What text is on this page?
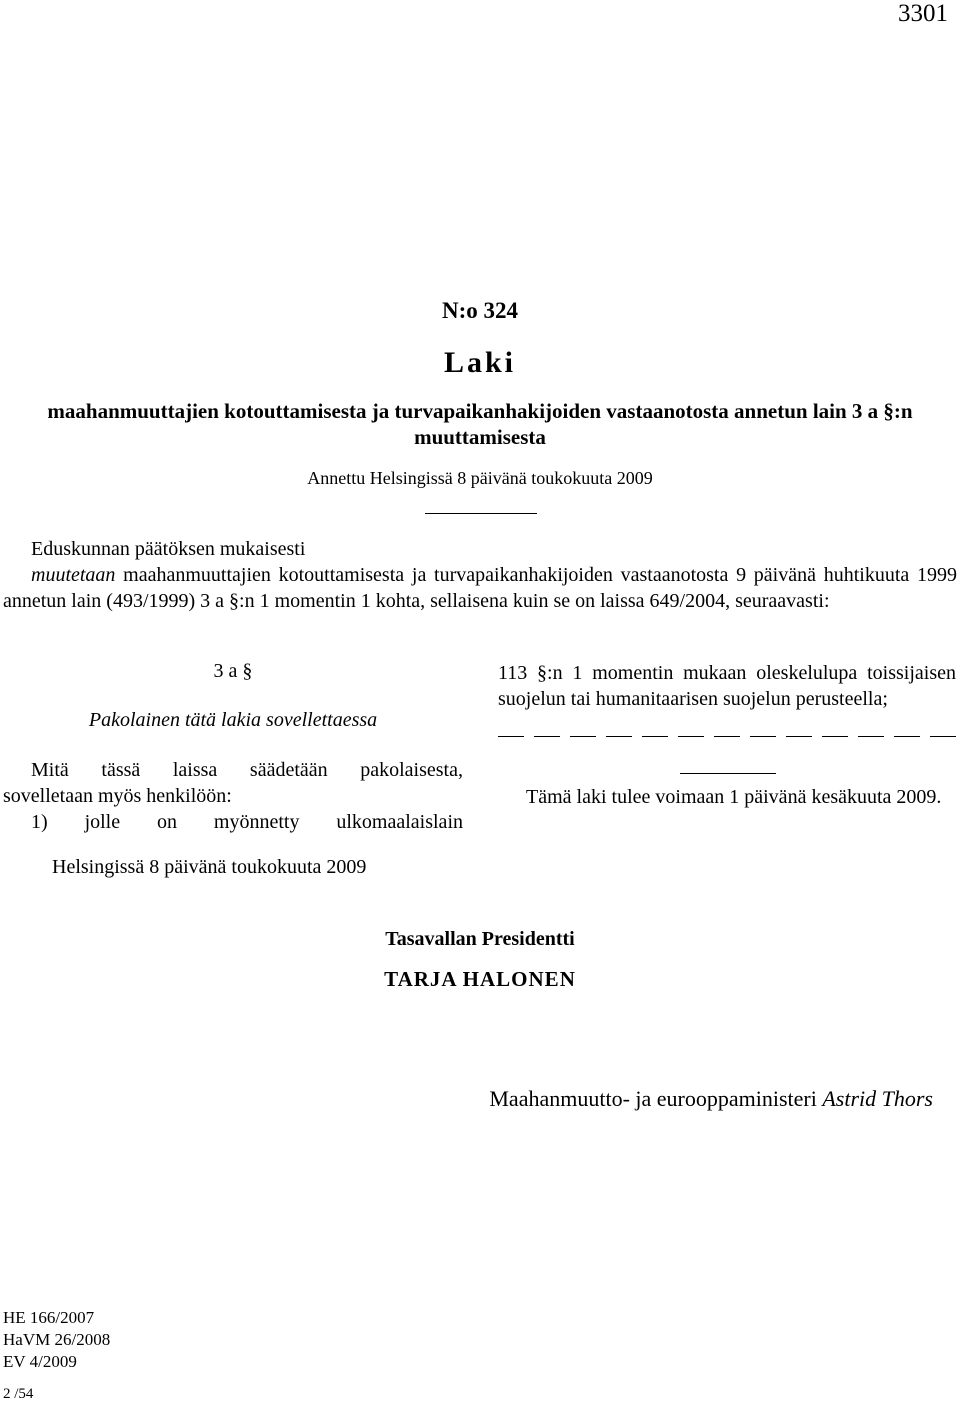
3301
N:o 324
Laki
maahanmuuttajien kotouttamisesta ja turvapaikanhakijoiden vastaanotosta annetun lain 3 a §:n muuttamisesta
Annettu Helsingissä 8 päivänä toukokuuta 2009
Eduskunnan päätöksen mukaisesti

muutetaan maahanmuuttajien kotouttamisesta ja turvapaikanhakijoiden vastaanotosta 9 päivänä huhtikuuta 1999 annetun lain (493/1999) 3 a §:n 1 momentin 1 kohta, sellaisena kuin se on laissa 649/2004, seuraavasti:

3 a §
Pakolainen tätä lakia sovellettaessa
Mitä tässä laissa säädetään pakolaisesta,
sovelletaan myös henkilöön:
1) jolle on myönnetty ulkomaalaislain

113 §:n 1 momentin mukaan oleskelulupa toissijaisen suojelun tai humanitaarisen suojelun perusteella;

Tämä laki tulee voimaan 1 päivänä kesäkuuta 2009.

Helsingissä 8 päivänä toukokuuta 2009
Tasavallan Presidentti
TARJA HALONEN
Maahanmuutto- ja eurooppaministeri Astrid Thors
HE 166/2007
HaVM 26/2008
EV 4/2009
2 /54
